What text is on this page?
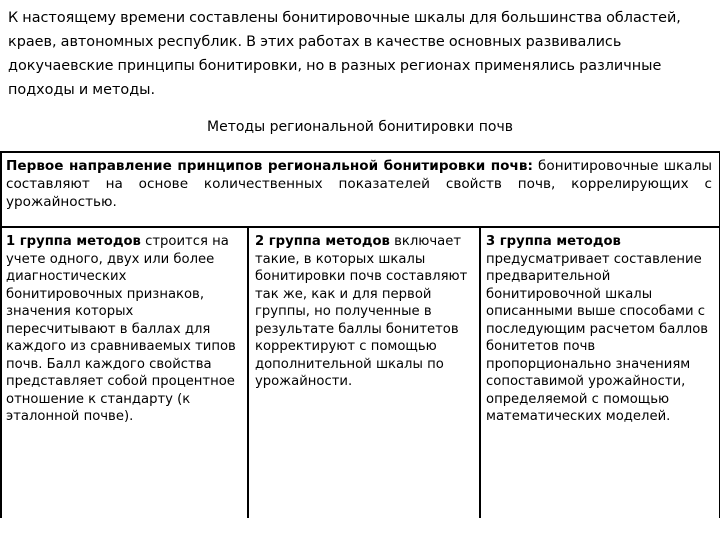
К настоящему времени составлены бонитировочные шкалы для большинства областей, краев, автономных республик. В этих работах в качестве основных развивались докучаевские принципы бонитировки, но в разных регионах применялись различные подходы и методы.
Методы региональной бонитировки почв
Первое направление принципов региональной бонитировки почв: бонитировочные шкалы составляют на основе количественных показателей свойств почв, коррелирующих с урожайностью.
1 группа методов строится на учете одного, двух или более диагностических бонитировочных признаков, значения которых пересчитывают в баллах для каждого из сравниваемых типов почв. Балл каждого свойства представляет собой процентное отношение к стандарту (к эталонной почве).
2 группа методов включает такие, в которых шкалы бонитировки почв составляют так же, как и для первой группы, но полученные в результате баллы бонитетов корректируют с помощью дополнительной шкалы по урожайности.
3 группа методов предусматривает составление предварительной бонитировочной шкалы описанными выше способами с последующим расчетом баллов бонитетов почв пропорционально значениям сопоставимой урожайности, определяемой с помощью математических моделей.
